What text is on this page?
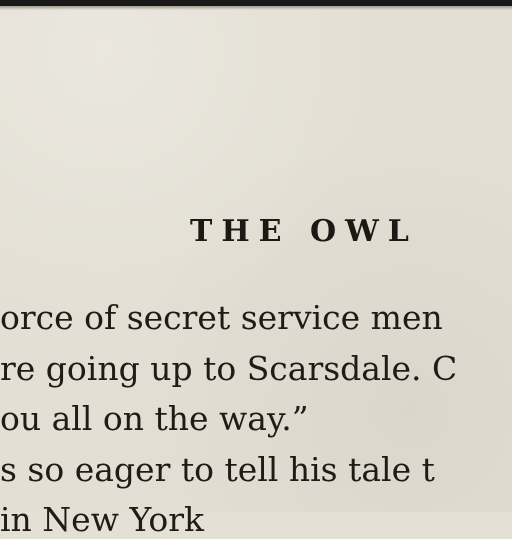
THE OWL
orce of secret service men
re going up to Scarsdale. C
ou all on the way.”
s so eager to tell his tale t
in New York
